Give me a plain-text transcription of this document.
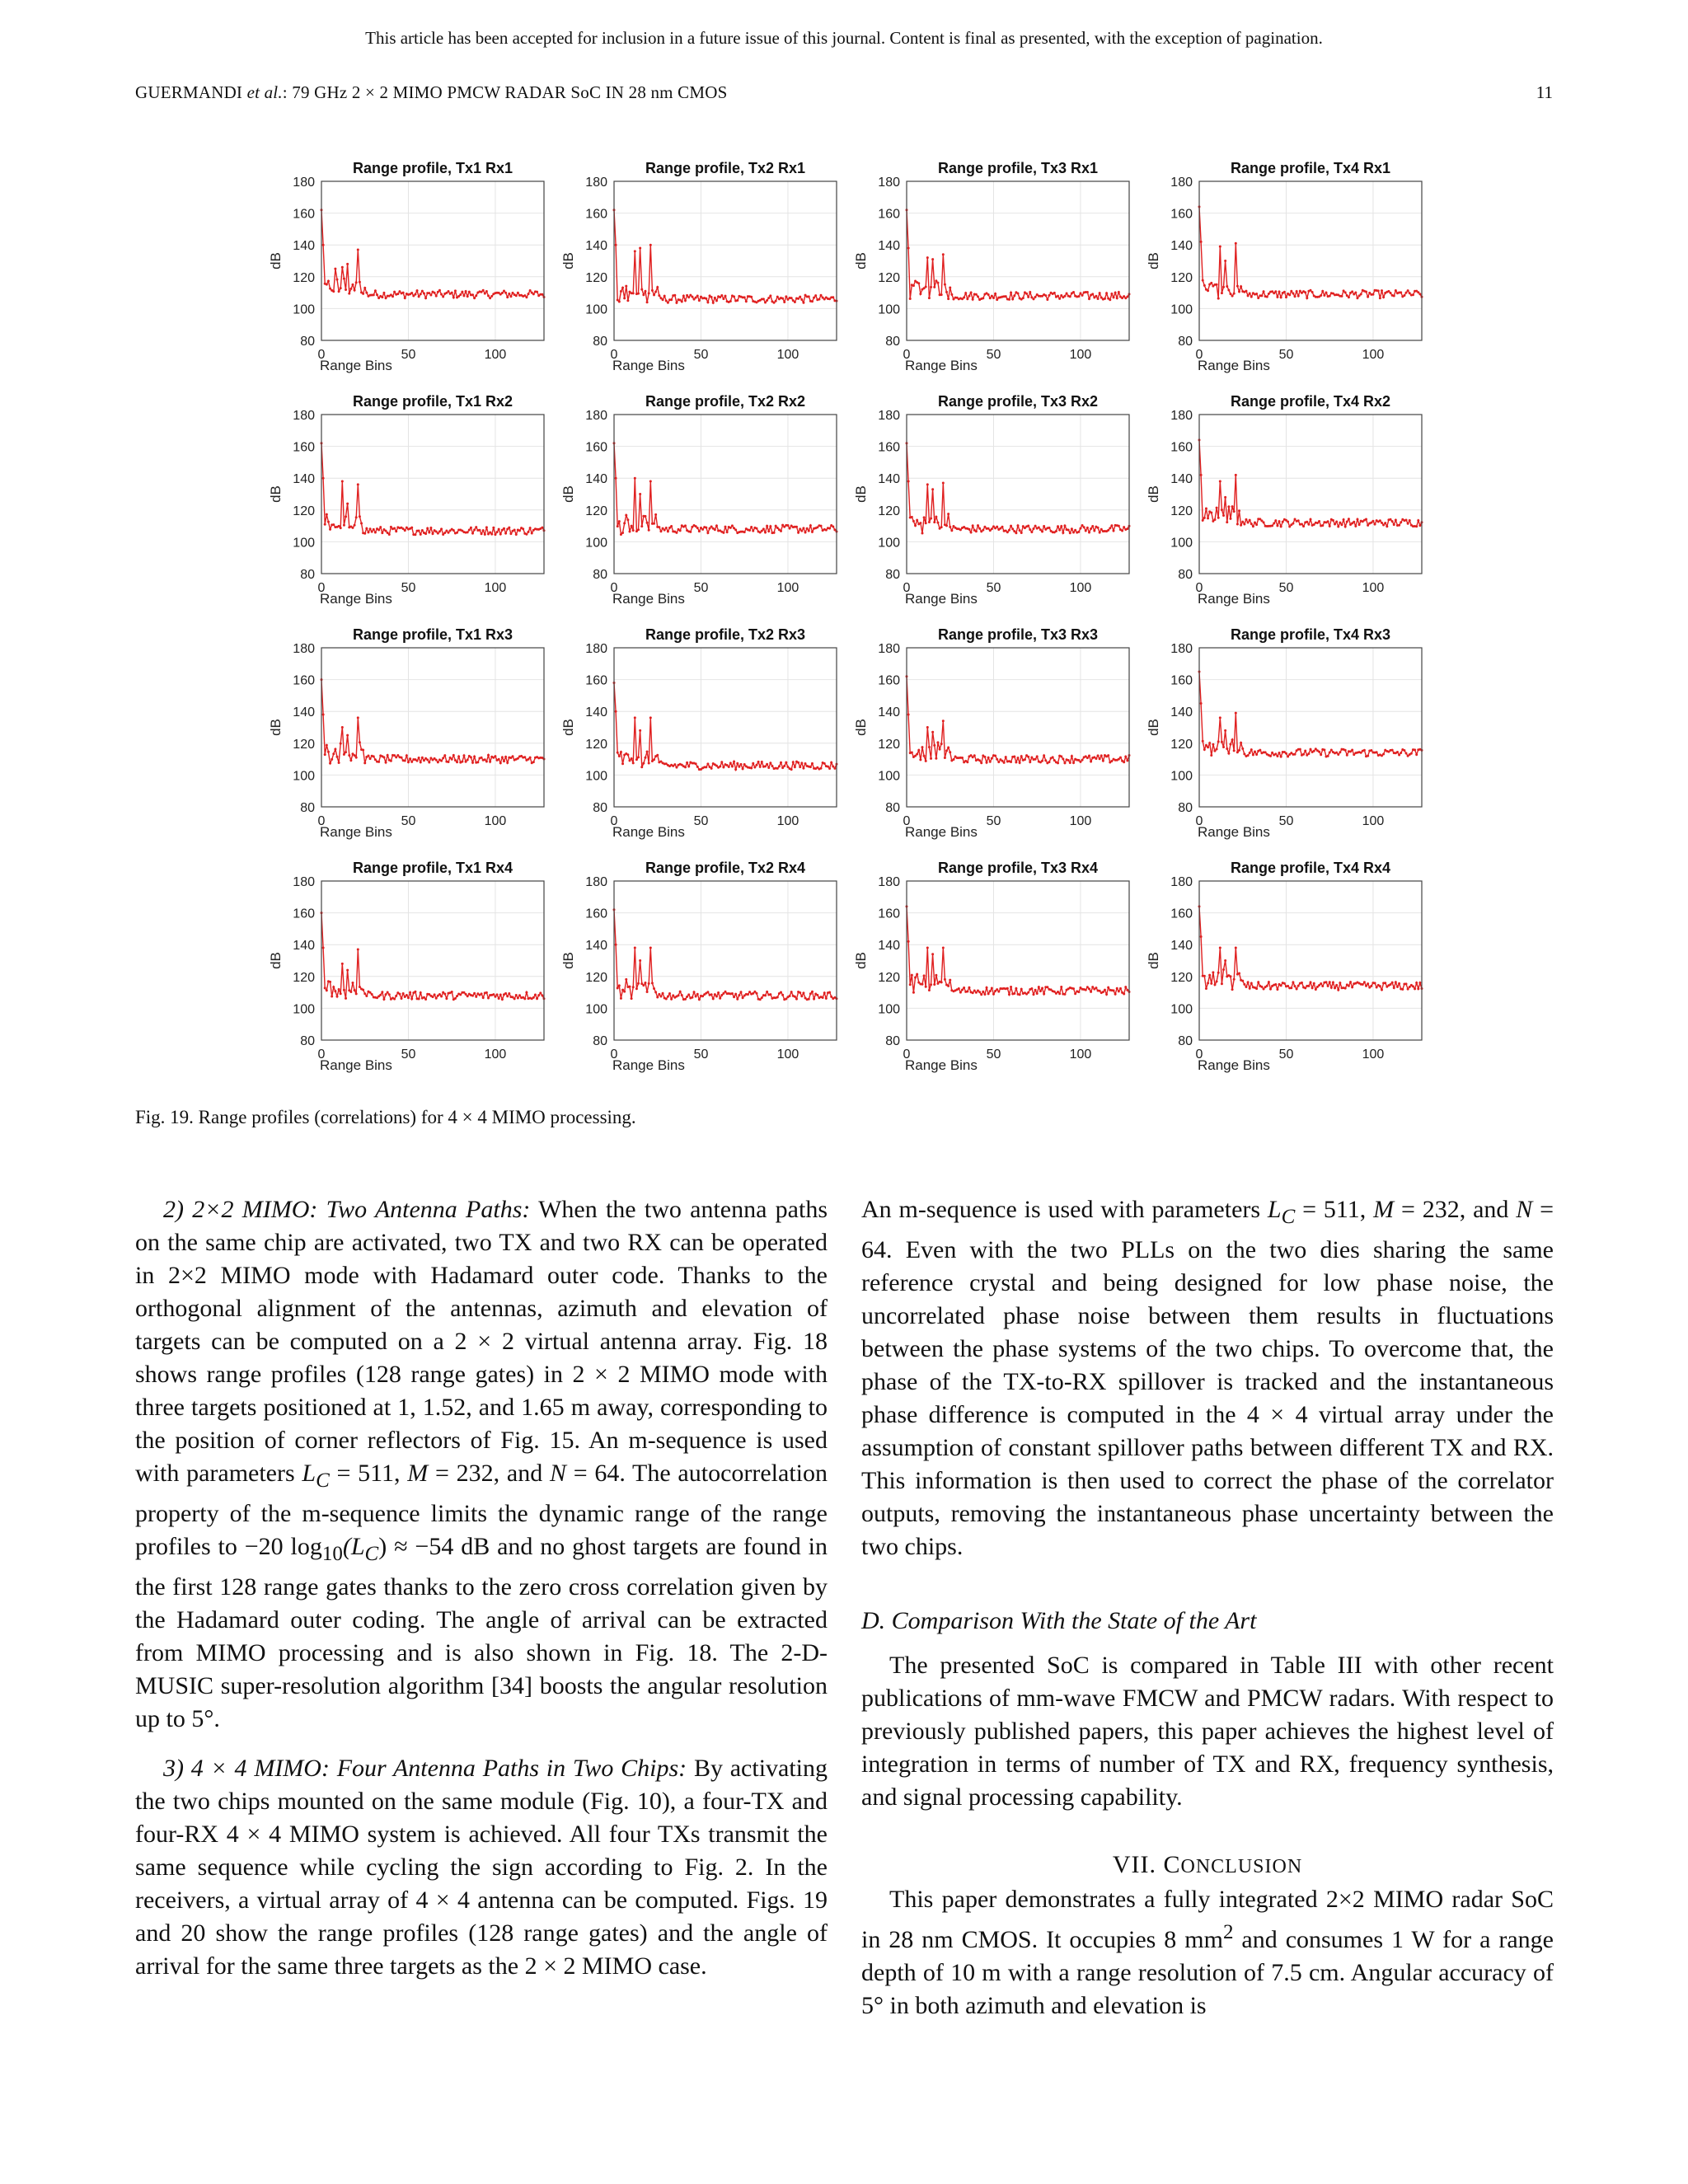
This article has been accepted for inclusion in a future issue of this journal. Content is final as presented, with the exception of pagination.
GUERMANDI et al.: 79 GHz 2 × 2 MIMO PMCW RADAR SoC IN 28 nm CMOS	11
80
100
120
140
160
180
0	50	100
Range Bins
dB
Range profile, Tx1 Rx1
80
100
120
140
160
180
0	50	100
Range Bins
dB
Range profile, Tx2 Rx1
80
100
120
140
160
180
0	50	100
Range Bins
dB
Range profile, Tx3 Rx1
80
100
120
140
160
180
0	50	100
Range Bins
dB
Range profile, Tx4 Rx1
80
100
120
140
160
180
0	50	100
Range Bins
dB
Range profile, Tx1 Rx2
80
100
120
140
160
180
0	50	100
Range Bins
dB
Range profile, Tx2 Rx2
80
100
120
140
160
180
0	50	100
Range Bins
dB
Range profile, Tx3 Rx2
80
100
120
140
160
180
0	50	100
Range Bins
dB
Range profile, Tx4 Rx2
80
100
120
140
160
180
0	50	100
Range Bins
dB
Range profile, Tx1 Rx3
80
100
120
140
160
180
0	50	100
Range Bins
dB
Range profile, Tx2 Rx3
80
100
120
140
160
180
0	50	100
Range Bins
dB
Range profile, Tx3 Rx3
80
100
120
140
160
180
0	50	100
Range Bins
dB
Range profile, Tx4 Rx3
80
100
120
140
160
180
0	50	100
Range Bins
dB
Range profile, Tx1 Rx4
80
100
120
140
160
180
0	50	100
Range Bins
dB
Range profile, Tx2 Rx4
80
100
120
140
160
180
0	50	100
Range Bins
dB
Range profile, Tx3 Rx4
80
100
120
140
160
180
0	50	100
Range Bins
dB
Range profile, Tx4 Rx4
Fig. 19. Range profiles (correlations) for 4 × 4 MIMO processing.

2) 2×2 MIMO: Two Antenna Paths: When the two antenna paths on the same chip are activated, two TX and two RX can be operated in 2×2 MIMO mode with Hadamard outer code. Thanks to the orthogonal alignment of the antennas, azimuth and elevation of targets can be computed on a 2 × 2 virtual antenna array. Fig. 18 shows range profiles (128 range gates) in 2 × 2 MIMO mode with three targets positioned at 1, 1.52, and 1.65 m away, corresponding to the position of corner reflectors of Fig. 15. An m-sequence is used with parameters $L_C = 511$, M = 232, and N = 64. The autocorrelation property of the m-sequence limits the dynamic range of the range profiles to −20 $\log_{10}(L_C) \approx -54$ dB and no ghost targets are found in the first 128 range gates thanks to the zero cross correlation given by the Hadamard outer coding. The angle of arrival can be extracted from MIMO processing and is also shown in Fig. 18. The 2-D-MUSIC super-resolution algorithm [34] boosts the angular resolution up to 5°.

3) 4 × 4 MIMO: Four Antenna Paths in Two Chips: By activating the two chips mounted on the same module (Fig. 10), a four-TX and four-RX 4 × 4 MIMO system is achieved. All four TXs transmit the same sequence while cycling the sign according to Fig. 2. In the receivers, a virtual array of 4 × 4 antenna can be computed. Figs. 19 and 20 show the range profiles (128 range gates) and the angle of arrival for the same three targets as the 2 × 2 MIMO case.

An m-sequence is used with parameters $L_C = 511$, M = 232, and N = 64. Even with the two PLLs on the two dies sharing the same reference crystal and being designed for low phase noise, the uncorrelated phase noise between them results in fluctuations between the phase systems of the two chips. To overcome that, the phase of the TX-to-RX spillover is tracked and the instantaneous phase difference is computed in the 4 × 4 virtual array under the assumption of constant spillover paths between different TX and RX. This information is then used to correct the phase of the correlator outputs, removing the instantaneous phase uncertainty between the two chips.

D. Comparison With the State of the Art

The presented SoC is compared in Table III with other recent publications of mm-wave FMCW and PMCW radars. With respect to previously published papers, this paper achieves the highest level of integration in terms of number of TX and RX, frequency synthesis, and signal processing capability.

VII. CONCLUSION

This paper demonstrates a fully integrated 2×2 MIMO radar SoC in 28 nm CMOS. It occupies 8 $mm^2$ and consumes 1 W for a range depth of 10 m with a range resolution of 7.5 cm. Angular accuracy of 5° in both azimuth and elevation is
